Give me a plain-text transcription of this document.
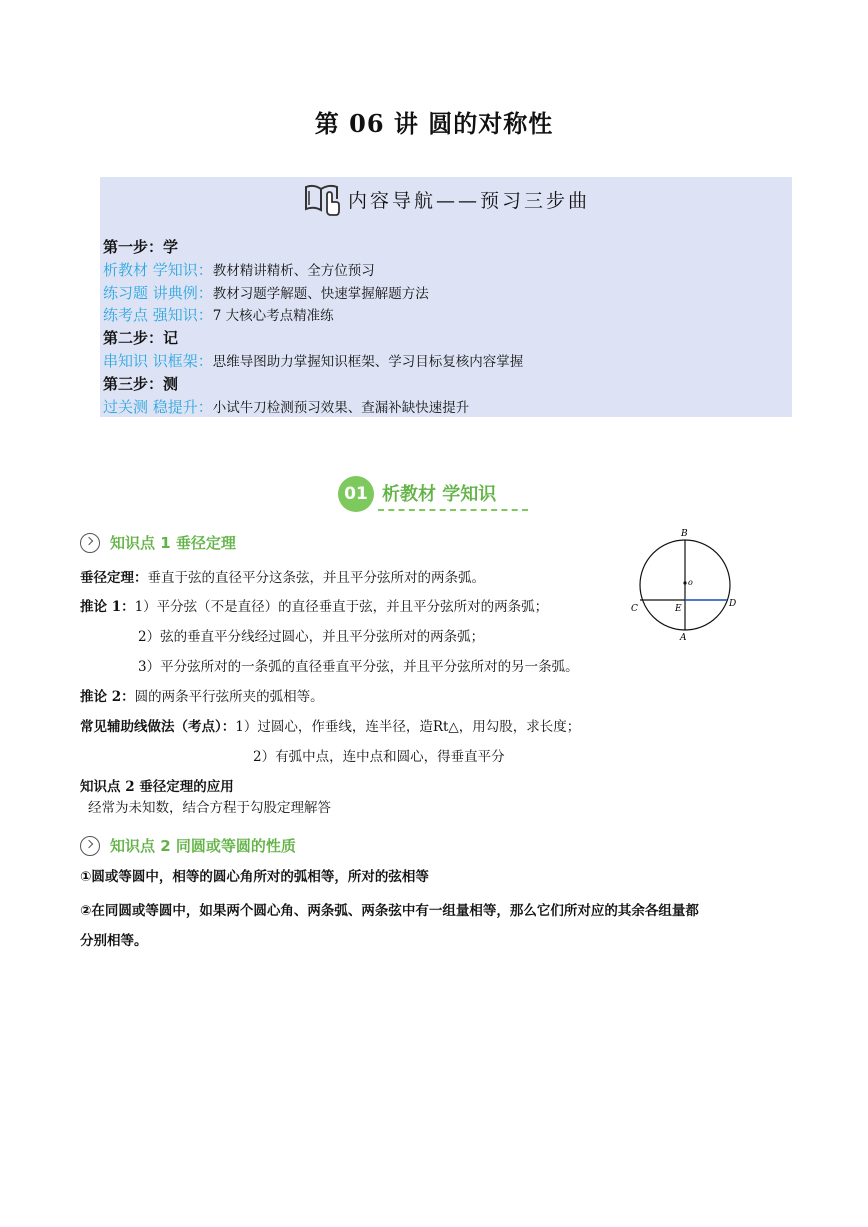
第 06 讲 圆的对称性
内容导航——预习三步曲
第一步：学
析教材 学知识：教材精讲精析、全方位预习
练习题 讲典例：教材习题学解题、快速掌握解题方法
练考点 强知识：7 大核心考点精准练
第二步：记
串知识 识框架：思维导图助力掌握知识框架、学习目标复核内容掌握
第三步：测
过关测 稳提升：小试牛刀检测预习效果、查漏补缺快速提升
01 析教材 学知识
知识点 1 垂径定理
垂径定理：垂直于弦的直径平分这条弦，并且平分弦所对的两条弧。
推论 1：1）平分弦（不是直径）的直径垂直于弦，并且平分弦所对的两条弧；
2）弦的垂直平分线经过圆心，并且平分弦所对的两条弧；
3）平分弦所对的一条弧的直径垂直平分弦，并且平分弦所对的另一条弧。
推论 2：圆的两条平行弦所夹的弧相等。
常见辅助线做法（考点）：1）过圆心，作垂线，连半径，造Rt△，用勾股，求长度；
2）有弧中点，连中点和圆心，得垂直平分
知识点 2 垂径定理的应用
经常为未知数，结合方程于勾股定理解答
知识点 2 同圆或等圆的性质
①圆或等圆中，相等的圆心角所对的弧相等，所对的弦相等
②在同圆或等圆中，如果两个圆心角、两条弧、两条弦中有一组量相等，那么它们所对应的其余各组量都
分别相等。
B
o
C	E	D
A
